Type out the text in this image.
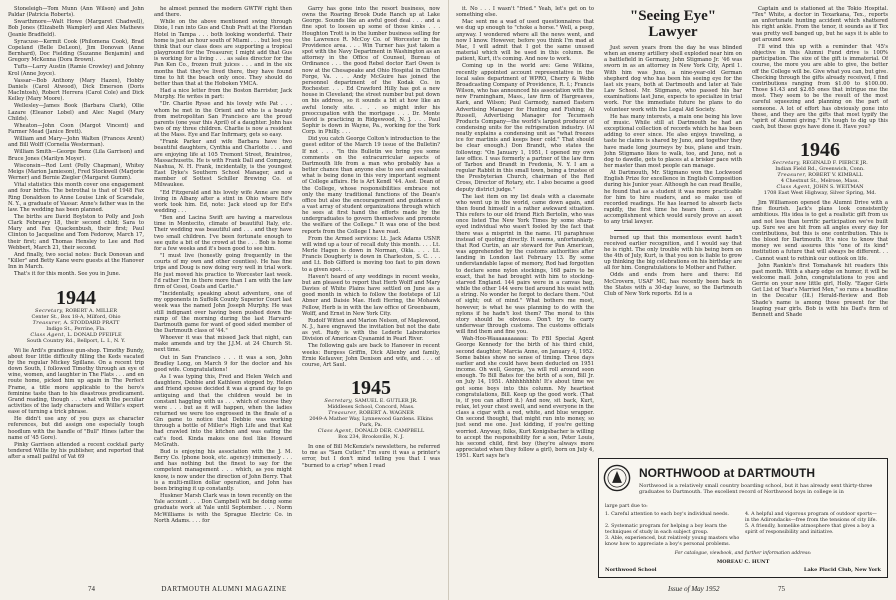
Stoneleigh—Tom Munn (Ann Wilson) and John Paldar (Patricia Roberts).

Swarthmore—Walt Howe (Margaret Chadwell), Bob Jones (Elizabeth Wampler) and Alex Mathews (Jeanie Bradfield).

Syracuse—Kermit Cook (Philomena Cook), Brad Copeland (Belle DeLeon), Jim Donovan (Anne Bernhard), Doc Fielding (Suzanne Benjamin) and Gregory McKenna (Dora Brown).

Tufts—Larry Austin (Ramie Crowley) and Johnny Krol (Anne Joyce).

Vassar—Bob Anthony (Mary Hazen), Hobby Daniels (Carol Atwood), Dick Emerson (Doris MacIntosh), Robert Herrera (Carol Cole) and Dick Kelley (Mary Moore).

Wellesley—James Book (Barbara Clark), Ollie Lazare (Eleanor Lobel) and Alec Nagel (Mary Childs).

Wheaton—John Coon (Margot Vincent) and Farmer Mead (Janice Brett).

William and Mary—John Walten (Frances Arent) and Bill Wolff (Cornelia Westerman).

William Smith—George Benz (Lila Garrison) and Bruce Jones (Marilyn Moyer).

Wisconsin—Rod Lent (Polly Chapman), Whitey Meigs (Marion Jamieson), Fred Stockwell (Marjorie Werner) and Bernie Ziegler (Margaret Gumm).

Vital statistics this month cover one engagement and four births. The betrothal is that of 1948 Fax Ring Donaldson to Anne Louise Link of Scarsdale, N. Y., a graduate of Vassar. Anne's father was in the law. The wedding has been planned.

The births are David Boylston to Polly and Josh Clark February 18, their second child; Sara to Mary and Fax Quackenbush, their first; Paul Clinton to Jacqueline and Tom Fedorow, March 17, their first; and Thomas Hensley to Lee and Rod Webbert, March 21, their second.

And finally, two social notes: Buck Donovan and "Killer" and Betty Kane were guests at the Hanover Inn in March.

That's it for this month. See you in June.

1944
Secretary, ROBERT A. MILLER
Center St., Box 18-A, Milford, Ohio
Treasurer, A. STODDARD PRATT
Indigo St., Perrine, Fla.
Class Agent, L. DONALD PFEIFLE
South Country Rd., Bellport, L. I., N. Y.

Wi lie Ardi's grandiose gun-shop. Timothy Bundy, about four little difficulty filling the Keds vacated by the regular Mickey Spillane. On a recent trip down South, I followed Timothy through an eye of wine, women, and laughter in The Flats . . . and en route home, picked him up again in The Perfect Frame, a title more applicable to the hero's feminine taste than to his disastrous predicament. Grand reading, though . . . what with the peculiar activities of the lady characters and Willie's expert ease of turning a trick phrase.

He didn't use any of you guys as character references, but did assign one especially tough hoodlum with the handle of "Bull" Hines (after the name of '45 Gore).

Pinky Garrison attended a recent cocktail party tendered Willie by his publisher, and reported that after a small pailful of Vat 69

he almost penned the modern GWTW right then and there.

While on the above mentioned swing through Dixie, I ran into Gus and Chub Pratt at the Floridan Hotel in Tampa . . . both looking wonderful. Their home is just an hour south of Miami . . . but lest you think that our class does are supporting a tropical playground for the Treasurer, I might add that Gus is working for a living . . . as sales director for the Pan Ken Co., frozen fruit juices . . . and in the six months that they've lived there, they have found time to hit the beach only once. They should do better than that at the Hoboken YMCA.

Had a nice letter from the Boston Barrister, Jack Murphy. He writes in part:

"Dr. Charlie Rysse and his lovely wife Pat . . . whom he met in the Orient and who is a beauty from metropolitan San Francisco are the proud parents (one year this April) of a daughter. John has two of my three children. Charlie is now a resident at the Mass. Eye and Ear Infirmary, gets so easy.

"Frank Parker and wife Barbara have two beautiful daughters, Cynthia and Charlotte . . . and are enjoying life at 105 Tremont Street, Braintree, Massachusetts. He is with Frank Dall and Company, Nashua, N. H. Frank, incidentally, is the youngest East Dyke's Southern School Manager, and a member of Sottest Schiller Brewing Co. of Milwaukee.

"Ed Fitzgerald and his lovely wife Anne are now living in Albany after a stint in Ohio where Ed's work took him. Ed, note: Jack stood up for Ed's wedding . . .

"Ben and Lacina Swift are having a marvelous time in Montecito, climate of beautiful Italy, etc. Their wedding was beautiful and . . . and they have two small children. I've been fortunate enough to see quite a bit of the crowd at the . . . Bob is home for a few weeks and it's been good to see him.

"I must live (honestly going frequently in the courts of my own and other counties). He has fine trips and Doug is now doing very well in trial work. He just moved his practice to Worcester last week. I'd rather I'm in there more than I am with the law firm of Cessi, Coats and Carlie."

"Incidentally, speaking about adventure, one of my opponents in Suffolk County Superior Court last week was the named John Joseph Murphy. He was still indignant over having been pushed down the ramp of the morning during the last Harvard-Dartmouth game for want of good sided member of the Dartmouth class of '44."

Whoever it was that missed Jack that night, can make amends and try the J.J.M. at 24 Church St. next time.

Out in San Francisco . . . it was a son, John Bradley Long, on March 9 for the doctor and his good wife. Congratulations!

As I was typing this, Fred and Helen Welch and daughters, Debbie and Kathleen stopped by. Helen and friend spouse decided it was a grand day to go antiquing and that the children would be in constant haggling with us . . . which of course they were . . . but as it will happen, when the ladies returned we were too engrossed in the finale of a Gin game to notice that Debbie was working through a bottle of Miller's High Life and that Kat had crawled into the kitchen and was eating the cat's food. Kinda makes one feel like Howard McGrath.

Bud is enjoying his association with the J. M. Berry Co. (phone book, etc. agency) immensely . . . and has nothing but the finest to say for the competent management . . . which, as you might know, is now under the direction of John Berry. That is a multi-million dollar operation, and John has been bringing it up constantly.

Huskner Marsh Clark was in town recently on the Yale account . . . Don Campbell will be doing some graduate work at Yale until September. . . . Norm McWilliams is with the Sprague Electric Co. in North Adams. . . . for

Garry has gone into the resort business, now owns the Roaring Brook Dude Ranch up at Lake George. Sounds like an awful good deal . . . and a fine spot to loosen up some of those kinks . . . Houghton Trott is in the lumber business selling for the Lawrence R. McCoy Co. of Worcester in the Providence area. . . . Win Turner has just taken a spot with the Navy Department in Washington as an attorney in the Office of Counsel, Bureau of Ordinance . . . the good Rebel doctor Earl Owen is now at the Chesapeake and Ohio Hospital in Clifton Forge, Va. . . . Andy McGuire has joined the personnel department of the Kodak Co. in Rochester. . . . Ed Crawford Hilly has got a new house in Cleveland; the street number but put down on his address, so it sounds a bit at how like an awful lonely site. . . . so might infer his preoccupation with the mortgage . . . Dr. Monte David is practicing in Ridgewood, N. J. . . . Paul Sophir is down in Wayne, Pa., working for the York Corp. in Philly. . . .

Did you catch George Colton's introduction to the guest editor of the March 19 issue of the Bulletin? If not . . . "In this Bulletin we bring you some comments on the extracurricular aspects of Dartmouth life from a man who probably has a better chance than anyone else to see and evaluate what is being done in this very important segment of College affairs. He is Art Kendl '44. Asst. Dean of the College, whose responsibilities embrace not only the many traditional functions of the Dean's office but also the encouragement and guidance of a vast array of student organizations through which he sees at first hand the efforts made by the undergraduates to govern themselves and promote the welfare of the College." It was one of the best reports from the College I have read.

From the Armed services: Lt. Jack Adams USNR will wind up a tour of recall duty this month. . . . Lt. Merle Hagen is down in Norman, Okla. . . . Lt. Francis Dougherty is down in Charleston, S. C. . . . and Lt. Bob Gifford is moving too fast to pin down to a given spot. . . .

Haven't heard of any weddings in recent weeks, but am pleased to report that Herb Wolff and Mary Davies of White Plains have settled on June as a good month in which to follow the footsteps of Lil Abner and Daisie Mae. Hedi Hering, the Mohawk Fellow, Herb is in with the law office of Greenbaum, Wolff, and Ernst in New York City.

Rudolf Witten and Marion Nelson, of Maplewood, N. J., have engraved the invitation but not the date as yet. Rudy is with the Lederle Laboratories Division of American Cyanamid in Pearl River.

The following gals are back to Hanover in recent weeks: Burgess Griffin, Dick Allenby and family, Ernie Kefauver, John Denison and wife, and . . . of course, Art Saul.

1945
Secretary, SAMUEL E. GUTLER JR.
Middlesex School, Concord, Mass.
Treasurer, ROBERT A. WAGNER
2049-A Mather Way, Lynnewood Gardens. Elkins Park, Pa.
Class Agent, DONALD DER. CAMPBELL
Box 234, Brooksville, N. J.

In one of Bill McKenzie's newsletters, he referred to me as "Sam Cutler." I'm sure it was a printer's error, but I don't mind telling you that I was "burned to a crisp" when I read

74	DARTMOUTH ALUMNI MAGAZINE

it. No . . . I wasn't "fried." Yeah, let's get on to something else.

Mac sent me a wad of used questionnaires that we dug up enough to "choke a horse." Well, a peep, anyway. I wondered where all the news went, and now I know. However, before you think I'm mad at Mac, I will admit that I got the same unused material which will be used in this column. Be patient, Kurt, it's coming. And now to work.

Coming up in the world are: Gene Wilkins, recently appointed account representative in the local sales department of WPRO, Cherry & Webb Broadcasting Company of Providence, R. I.; Francis Wilson, who has announced his association with the new Framingham, Mass., law firm of Hargreaves, Kark, and Wilson; Paul Carmody, named Eastern Advertising Manager for Hunting and Fishing; Al Russell, Advertising Manager for Tecumseh Products Company—the world's largest producer of condensing units for the refrigeration industry. (Al neatly explains a condensing unit as "what freezes ice for martinis and keeps beer cold." That should be clear enough.) Don Brandt, who states the following: "On January 1, 1951, I opened my own law office. I was formerly a partner of the law firm of Tarbox and Brandt in Fredonia, N. Y. I am a regular Rabbit in this small town, being a trustee of the Presbyterian Church, chairman of the Red Cross, Director of Rotary, etc. I also became a good deputy district judge."

The last item on my list deals with a classmate who went up in the world, came down again, and then found himself in a rather awkward situation. This refers to our old friend Rich Bertolin, who was once listed The New York Times by some sharp-eyed individual who wasn't fooled by the fact that there was a misprint in the name. I'll paraphrase instead of quoting directly. It seems, unfortunately, that Rod Curtin, an air steward for Pan American, was apprehended by the customs authorities after landing in London last February 13. By some understandable lapse of memory, Rod had forgotten to declare some nylon stockings, 168 pairs to be exact, that he had brought with him to stocking-starved England. 144 pairs were in a canvas bag, while the other 144 were tied around his waist with a string. No wonder he forgot to declare them. "Out of sight; out of mind." What bothers me most, however, is what he was planning to do with the nylons if he hadn't lost them? The moral to this story should be obvious. Don't try to carry underwear through customs. The customs officials will find them and fine you.

Wah-Hoo-Waaaaaaaaaaa: To FBI Special Agent George Kennedy for the birth of his third child, second daughter, Marcia Anne, on January 4, 1952. Some babies show no sense of timing. Three days earlier and she could have been deducted on 1951 income. Oh well, George, 'ya will roll around soon enough. To Bill Bates for the birth of a son, Bill Jr. on July 14, 1951. Ahhhhhhhhh! It's about time we got some boys into this column. My heartiest congratulations, Bill. Keep up the good work. (That is, if you can afford it.) And now, sit back, Kurt, relax, let your chest swell, and send everyone in the class a cigar with a red, white, and blue wrapper. On second thought, that might run into money, so just send me one. Just kidding, if you're getting worried. Anyway, folks, Kurt Konigsbacher is willing to accept the responsibility for a son, Peter Louis, his second child, first boy (they're always more appreciated when they follow a girl), born on July 4, 1951. Kurt says he's

"Seeing Eye" Lawyer

Just seven years from the day he was blinded when an enemy artillery shell exploded near him on a battlefield in Germany, John Stigmano Jr. '46 was sworn in as an attorney in New York City, April 1. With him was Juno, a nine-year-old German shepherd dog who has been his seeing eye for the last six years, both at Dartmouth and later at Yale Law School. Mr. Stigmano, who passed his bar examinations last June, expects to specialize in trial work. For the immediate future he plans to do volunteer work with the Legal Aid Society.

He has many interests, a main one being his love of music. While still at Dartmouth he had an exceptional collection of records which he has been adding to ever since. He also enjoys traveling, a taste he claims is shared by Juno, and together they have made long journeys by bus, plane and train. John Stigmano likes to walk, too, and Juno, not a dog to dawdle, gets to places at a brisker pace with her master than most people can manage.

At Dartmouth, Mr. Stigmano won the Lockwood English Prize for excellence in English Composition during his Junior year. Although he can read Braille, he found that as a student it was more practicable for him to hire readers, and so make use of recorded readings. He has learned to absorb facts rapidly, the first time he hears them . . . an accomplishment which would surely prove an asset to any trial lawyer.

burned up that this momentous event hadn't received earlier recognition, and I would say that he is right. The only trouble with his being born on the 4th of July, Kurt, is that you son is liable to grow up thinking the big celebrations on his birthday are all for him. Congratulations to Mother and Father.

Odds and ends from here and there: Ed McCrovern, USAF MC, has recently been back in the States with a 30-day leave, so the Dartmouth Club of New York reports. Ed is a

Captain and is stationed at the Tokio Hospital. "Tex" White, a doctor in Texarkana, Tex., reports an unfortunate hunting accident which shattered his right ankle. From the tenor, it sounds as if Tex was pretty well banged up, but he says it is able to get around now.

I'll wind this up with a reminder that '45's objective in this Alumni Fund drive is 100% participation. The size of the gift is immaterial. Of course, the more you are able to give, the better off the College will be. Give what you can, but give. Checking through the gifts already received, I find contributions ranging from $1.00 to $100.00. Those $1.43 and $2.65 ones that intrigue me the most. They seem to be the result of the most careful squeezing and planning on the part of someone. A lot of effort has obviously gone into these, and they are the gifts that most typify the "spirit of Alumni giving." It's tough to dig up this cash, but these guys have done it. Have you?

1946
Secretary, REGINALD F. PIERCE JR.
Indian Field Rd., Greenwich, Conn.
Treasurer, ROBERT V. KIMBALL
4 Chestnut St., Melrose, Mass.
Class Agent, JOHN S. WEITMAN
1708 East West Highway, Silver Spring, Md.

Jim Williamson opened the Alumni Drive with a fine flourish. Jack's plans look consistently ambitious. His idea is to get a realistic gift from us and not less than terrific participation we've built up. Sure we are hit from all angles every day for contributions, but this is one contribution. This is the blood for Dartmouth. It's nice to know that money we send assures this "one of its kind" institution a future that will always be different. . . . Cannot want to rethink our outlook on life.

John Rankin's first Tomahawk hit readers this past month. With a sharp edge on humor, it will be welcome mail. John, congratulations to you and Gerrie on your new little girl, Holly. "Eager Girls Get List of Year's Married Men," so runs a headline in the Decatur (Ill.) Herald-Review and Bob Shade's name is among those present for the leaping year girls. Bob is with his Dad's firm of Bennett and Shade

NORTHWOOD at DARTMOUTH
Northwood is a relatively small country boarding school, but it has already sent thirty-three graduates to Dartmouth. The excellent record of Northwood boys in college is in
large part due to:
1. Careful attention to each boy's individual needs.	4. A helpful and vigorous program of outdoor sports—in the Adirondacks—free from the tensions of city life.
2. Systematic program for helping a boy learn the techniques of study in each subject group.
5. A friendly, homelike atmosphere that gives a boy a spirit of responsibility and initiative.
3. Able, experienced, but relatively young masters who know how to appreciate a boy's personal problems.
For catalogue, viewbook, and further information address:
MOREAU C. HUNT
Northwood School	Lake Placid Club, New York
Issue of May 1952	75
